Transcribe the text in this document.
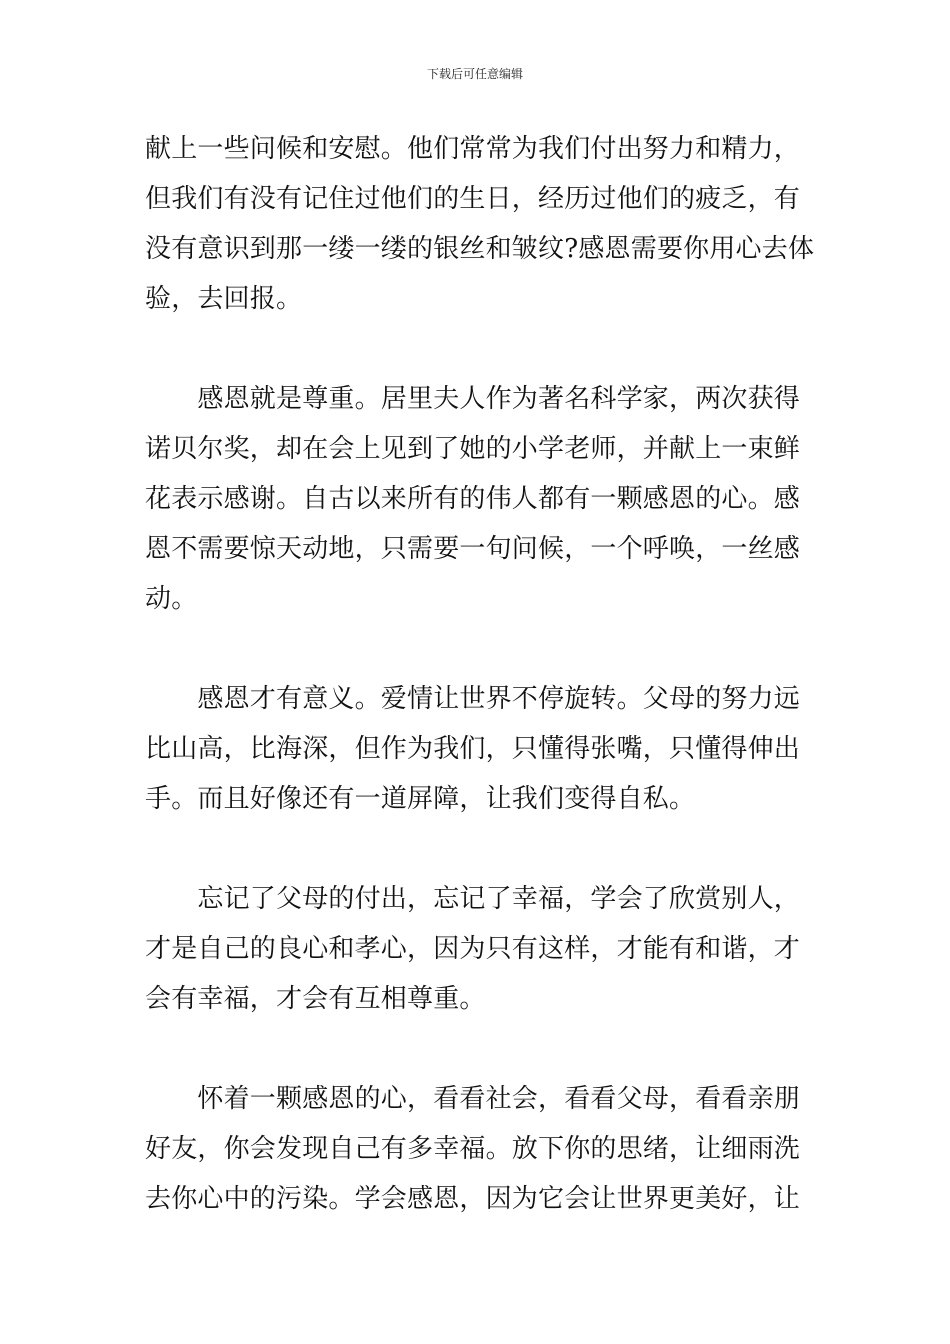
下载后可任意编辑
献上一些问候和安慰。他们常常为我们付出努力和精力，
但我们有没有记住过他们的生日，经历过他们的疲乏，有
没有意识到那一缕一缕的银丝和皱纹?感恩需要你用心去体
验，去回报。
　　感恩就是尊重。居里夫人作为著名科学家，两次获得
诺贝尔奖，却在会上见到了她的小学老师，并献上一束鲜
花表示感谢。自古以来所有的伟人都有一颗感恩的心。感
恩不需要惊天动地，只需要一句问候，一个呼唤，一丝感
动。
　　感恩才有意义。爱情让世界不停旋转。父母的努力远
比山高，比海深，但作为我们，只懂得张嘴，只懂得伸出
手。而且好像还有一道屏障，让我们变得自私。
　　忘记了父母的付出，忘记了幸福，学会了欣赏别人，
才是自己的良心和孝心，因为只有这样，才能有和谐，才
会有幸福，才会有互相尊重。
　　怀着一颗感恩的心，看看社会，看看父母，看看亲朋
好友，你会发现自己有多幸福。放下你的思绪，让细雨洗
去你心中的污染。学会感恩，因为它会让世界更美好，让
